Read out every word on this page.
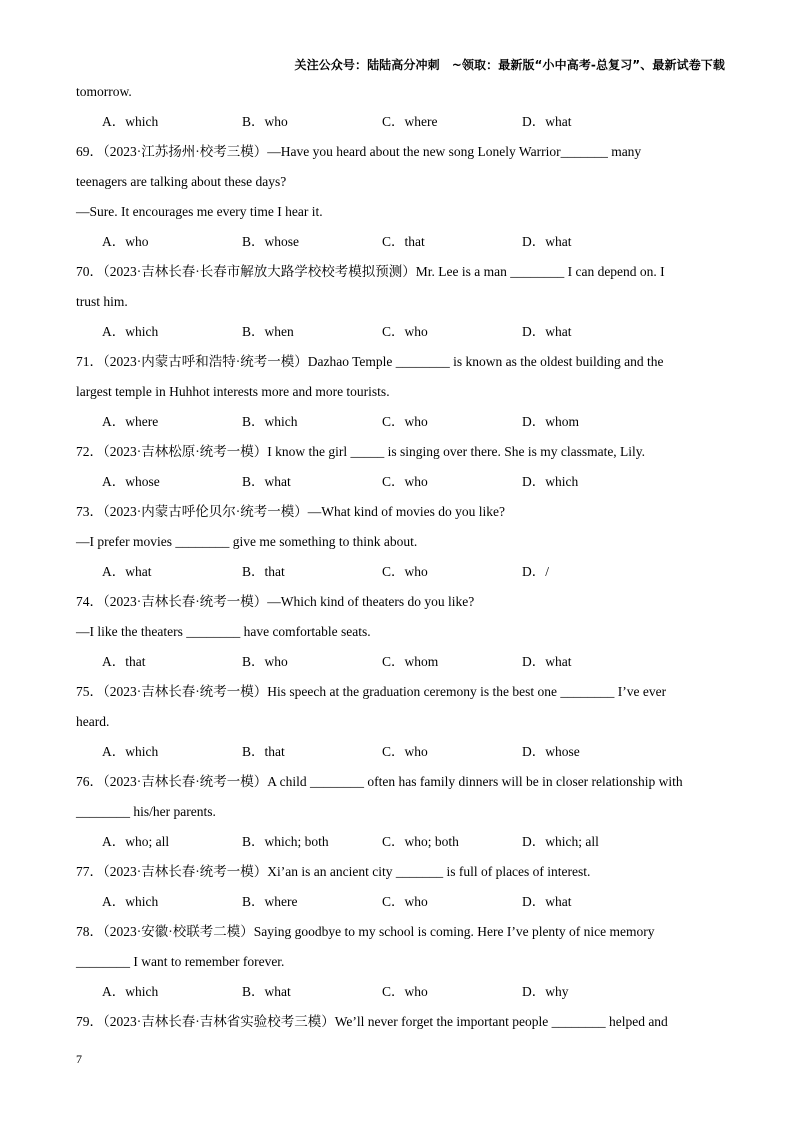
关注公众号：陆陆高分冲刺　~领取：最新版“小中高考-总复习”、最新试卷下载
tomorrow.
A．which	B．who	C．where	D．what
69．（2023·江苏扬州·校考三模）—Have you heard about the new song Lonely Warrior_______ many
teenagers are talking about these days?
—Sure. It encourages me every time I hear it.
A．who	B．whose	C．that	D．what
70．（2023·吉林长春·长春市解放大路学校校考模拟预测）Mr. Lee is a man ________ I can depend on. I
trust him.
A．which	B．when	C．who	D．what
71．（2023·内蒙古呼和浩特·统考一模）Dazhao Temple ________ is known as the oldest building and the
largest temple in Huhhot interests more and more tourists.
A．where	B．which	C．who	D．whom
72．（2023·吉林松原·统考一模）I know the girl _____ is singing over there. She is my classmate, Lily.
A．whose	B．what	C．who	D．which
73．（2023·内蒙古呼伦贝尔·统考一模）—What kind of movies do you like?
—I prefer movies ________ give me something to think about.
A．what	B．that	C．who	D．/
74．（2023·吉林长春·统考一模）—Which kind of theaters do you like?
—I like the theaters ________ have comfortable seats.
A．that	B．who	C．whom	D．what
75．（2023·吉林长春·统考一模）His speech at the graduation ceremony is the best one ________ I’ve ever
heard.
A．which	B．that	C．who	D．whose
76．（2023·吉林长春·统考一模）A child ________ often has family dinners will be in closer relationship with
________ his/her parents.
A．who; all	B．which; both	C．who; both	D．which; all
77．（2023·吉林长春·统考一模）Xi’an is an ancient city _______ is full of places of interest.
A．which	B．where	C．who	D．what
78．（2023·安徽·校联考二模）Saying goodbye to my school is coming. Here I’ve plenty of nice memory
________ I want to remember forever.
A．which	B．what	C．who	D．why
79．（2023·吉林长春·吉林省实验校考三模）We’ll never forget the important people ________ helped and
7
